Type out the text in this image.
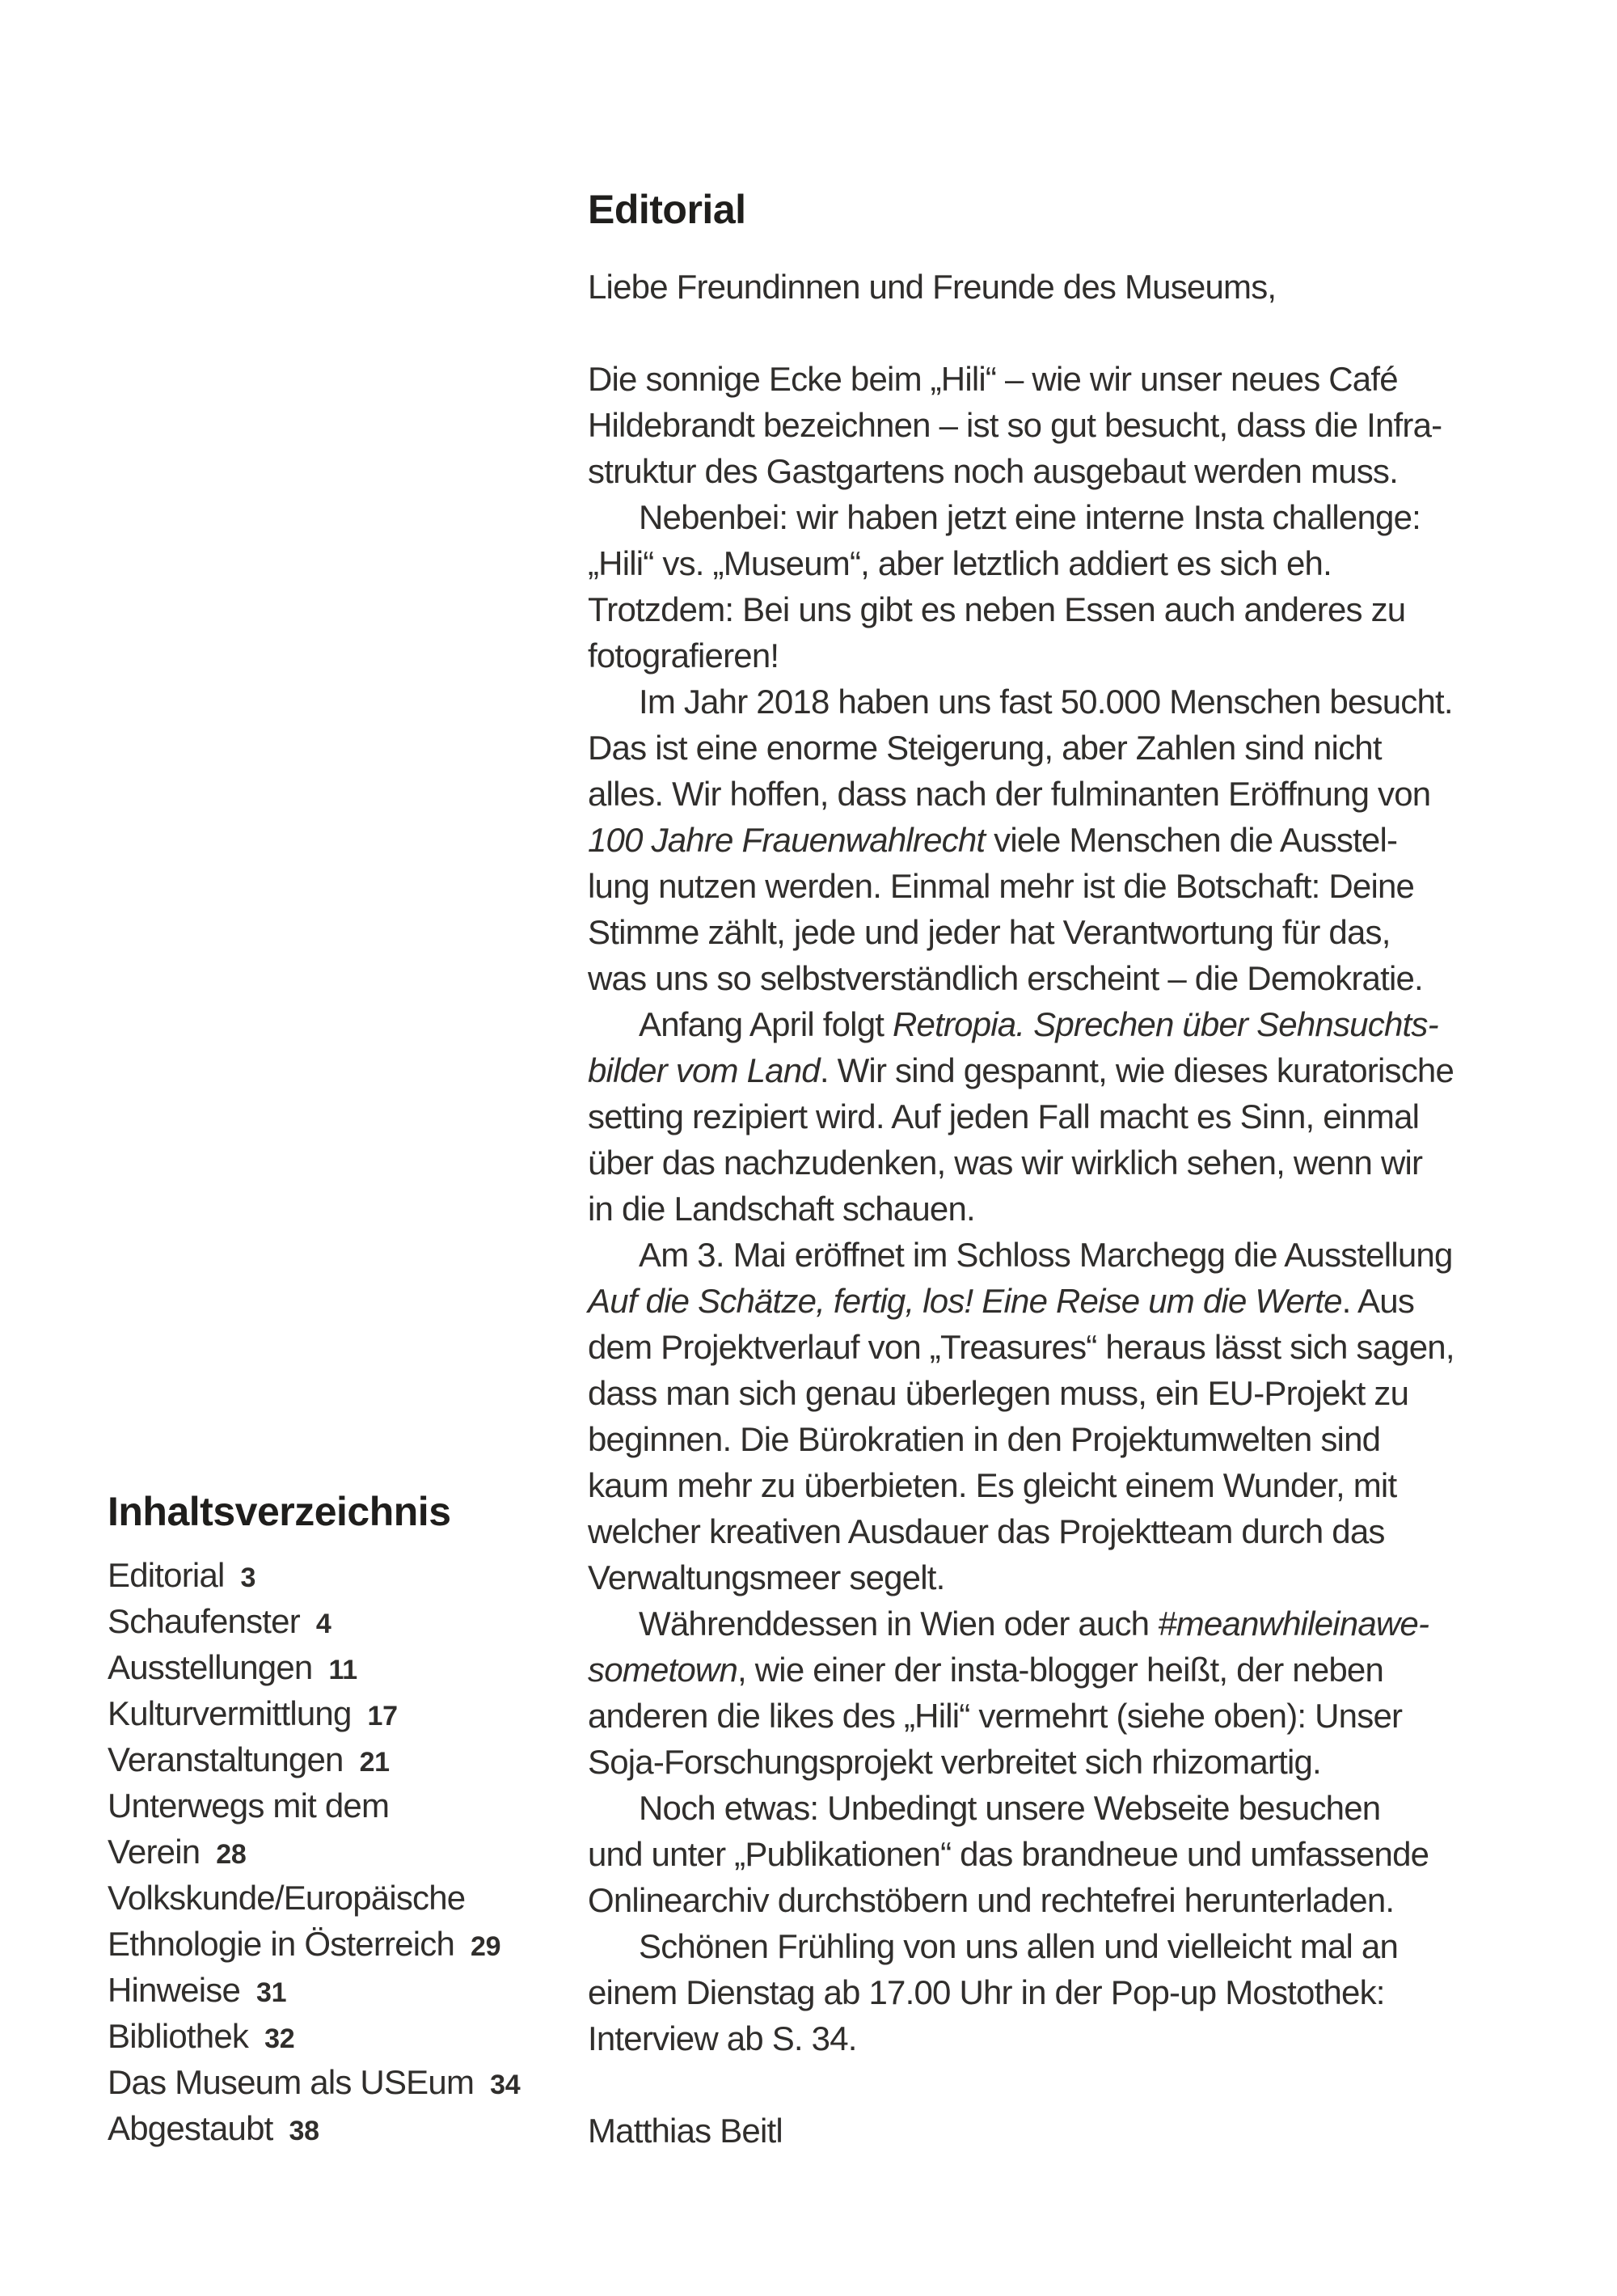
Editorial
Liebe Freundinnen und Freunde des Museums,
Die sonnige Ecke beim „Hili“ – wie wir unser neues Café
Hildebrandt bezeichnen – ist so gut besucht, dass die Infra-
struktur des Gastgartens noch ausgebaut werden muss.
Nebenbei: wir haben jetzt eine interne Insta challenge:
„Hili“ vs. „Museum“, aber letztlich addiert es sich eh.
Trotzdem: Bei uns gibt es neben Essen auch anderes zu
fotografieren!
Im Jahr 2018 haben uns fast 50.000 Menschen besucht.
Das ist eine enorme Steigerung, aber Zahlen sind nicht
alles. Wir hoffen, dass nach der fulminanten Eröffnung von
100 Jahre Frauenwahlrecht viele Menschen die Ausstel-
lung nutzen werden. Einmal mehr ist die Botschaft: Deine
Stimme zählt, jede und jeder hat Verantwortung für das,
was uns so selbstverständlich erscheint – die Demokratie.
Anfang April folgt Retropia. Sprechen über Sehnsuchts-
bilder vom Land. Wir sind gespannt, wie dieses kuratorische
setting rezipiert wird. Auf jeden Fall macht es Sinn, einmal
über das nachzudenken, was wir wirklich sehen, wenn wir
in die Landschaft schauen.
Am 3. Mai eröffnet im Schloss Marchegg die Ausstellung
Auf die Schätze, fertig, los! Eine Reise um die Werte. Aus
dem Projektverlauf von „Treasures“ heraus lässt sich sagen,
dass man sich genau überlegen muss, ein EU-Projekt zu
beginnen. Die Bürokratien in den Projektumwelten sind
kaum mehr zu überbieten. Es gleicht einem Wunder, mit
welcher kreativen Ausdauer das Projektteam durch das
Verwaltungsmeer segelt.
Währenddessen in Wien oder auch #meanwhileinawe-
sometown, wie einer der insta-blogger heißt, der neben
anderen die likes des „Hili“ vermehrt (siehe oben): Unser
Soja-Forschungsprojekt verbreitet sich rhizomartig.
Noch etwas: Unbedingt unsere Webseite besuchen
und unter „Publikationen“ das brandneue und umfassende
Onlinearchiv durchstöbern und rechtefrei herunterladen.
Schönen Frühling von uns allen und vielleicht mal an
einem Dienstag ab 17.00 Uhr in der Pop-up Mostothek:
Interview ab S. 34.
Matthias Beitl
Inhaltsverzeichnis
Editorial 3
Schaufenster 4
Ausstellungen 11
Kulturvermittlung 17
Veranstaltungen 21
Unterwegs mit dem
Verein 28
Volkskunde/Europäische
Ethnologie in Österreich 29
Hinweise 31
Bibliothek 32
Das Museum als USEum 34
Abgestaubt 38
